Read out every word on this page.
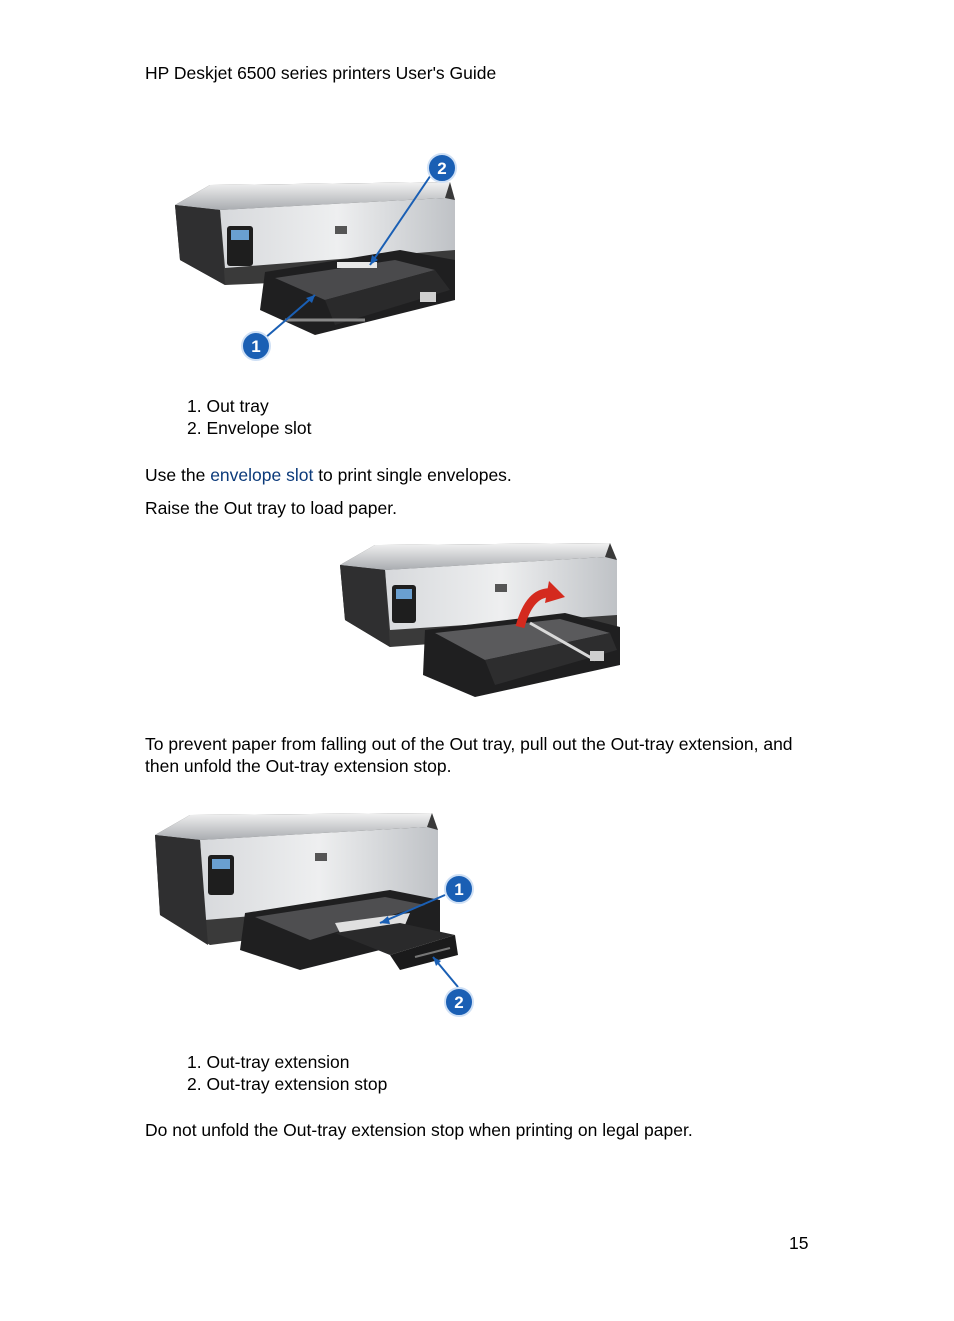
HP Deskjet 6500 series printers User's Guide
2
1
1. Out tray
2. Envelope slot
Use the envelope slot to print single envelopes.
Raise the Out tray to load paper.
To prevent paper from falling out of the Out tray, pull out the Out-tray extension, and
then unfold the Out-tray extension stop.
1
2
1. Out-tray extension
2. Out-tray extension stop
Do not unfold the Out-tray extension stop when printing on legal paper.
15
